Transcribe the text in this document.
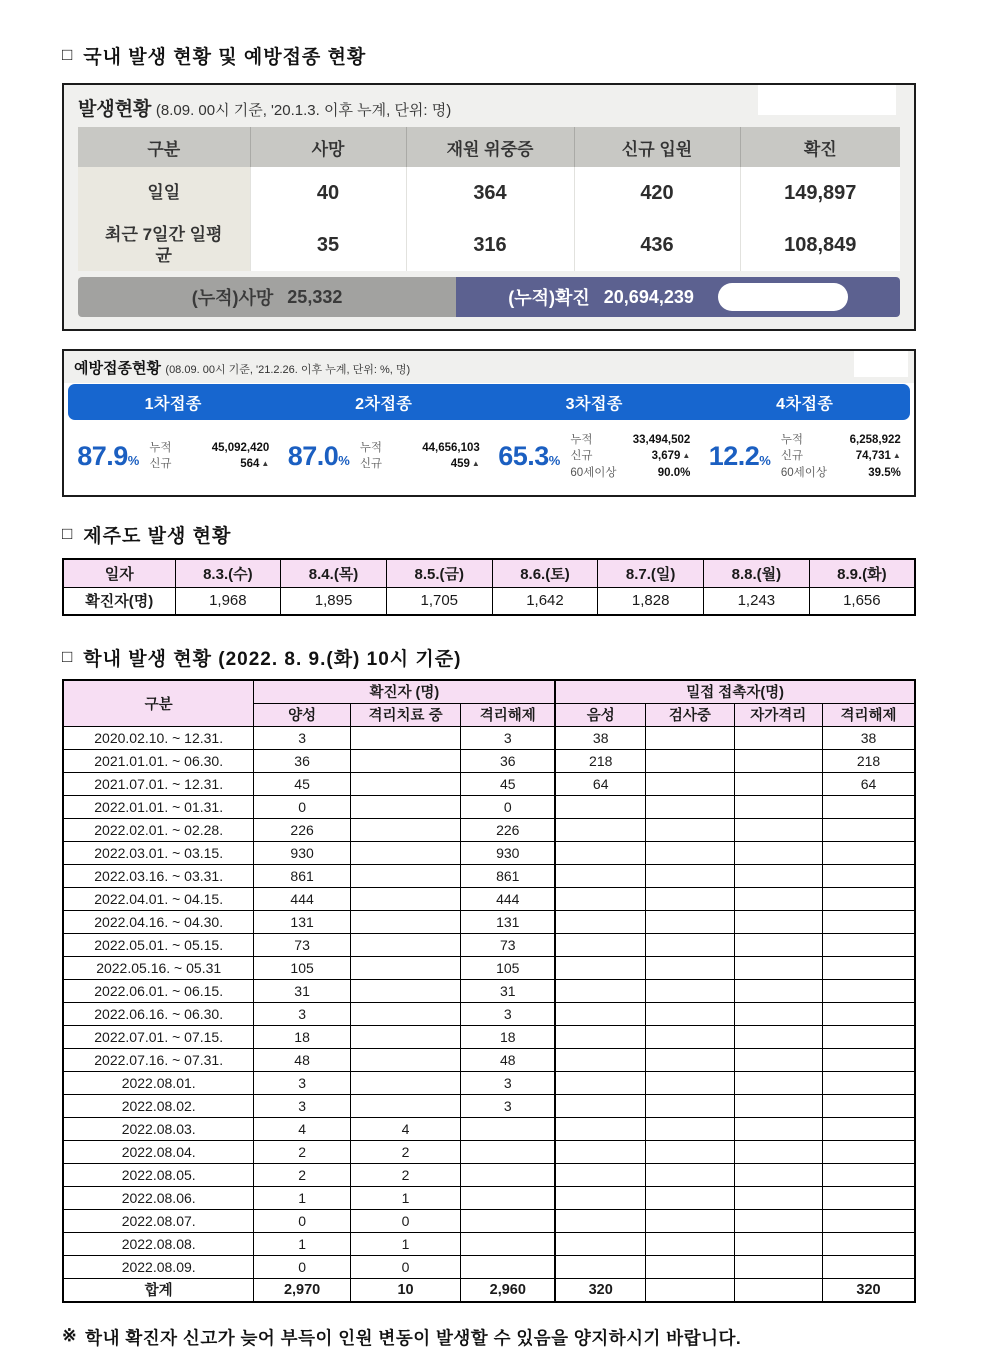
□ 국내 발생 현황 및 예방접종 현황
발생현황 (8.09. 00시 기준, '20.1.3. 이후 누계, 단위: 명)
구분	사망	재원 위중증	신규 입원	확진
일일	40	364	420	149,897
최근 7일간 일평균	35	316	436	108,849
(누적)사망 25,332	(누적)확진 20,694,239
예방접종현황 (08.09. 00시 기준, '21.2.26. 이후 누계, 단위: %, 명)
1차접종	2차접종	3차접종	4차접종
87.9%
누적	45,092,420
신규	564 ▲ 87.0%
누적	44,656,103
신규	459 ▲ 65.3%
누적	33,494,502
신규	3,679 ▲
60세이상	90.0%
12.2%
누적	6,258,922
신규	74,731 ▲
60세이상	39.5%
□ 제주도 발생 현황
일자	8.3.(수)	8.4.(목)	8.5.(금)	8.6.(토)	8.7.(일)	8.8.(월)	8.9.(화)
확진자(명)	1,968	1,895	1,705	1,642	1,828	1,243	1,656
□ 학내 발생 현황 (2022. 8. 9.(화) 10시 기준)
구분	확진자 (명)			밀접 접촉자(명)			
	양성	격리치료 중	격리해제	음성	검사중	자가격리	격리해제
2020.02.10. ~ 12.31.	3		3	38			38
2021.01.01. ~ 06.30.	36		36	218			218
2021.07.01. ~ 12.31.	45		45	64			64
2022.01.01. ~ 01.31.	0		0				
2022.02.01. ~ 02.28.	226		226				
2022.03.01. ~ 03.15.	930		930				
2022.03.16. ~ 03.31.	861		861				
2022.04.01. ~ 04.15.	444		444				
2022.04.16. ~ 04.30.	131		131				
2022.05.01. ~ 05.15.	73		73				
2022.05.16. ~ 05.31	105		105				
2022.06.01. ~ 06.15.	31		31				
2022.06.16. ~ 06.30.	3		3				
2022.07.01. ~ 07.15.	18		18				
2022.07.16. ~ 07.31.	48		48				
2022.08.01.	3		3				
2022.08.02.	3		3				
2022.08.03.	4	4					
2022.08.04.	2	2					
2022.08.05.	2	2					
2022.08.06.	1	1					
2022.08.07.	0	0					
2022.08.08.	1	1					
2022.08.09.	0	0					
합계	2,970	10	2,960	320			320
※ 학내 확진자 신고가 늦어 부득이 인원 변동이 발생할 수 있음을 양지하시기 바랍니다.
